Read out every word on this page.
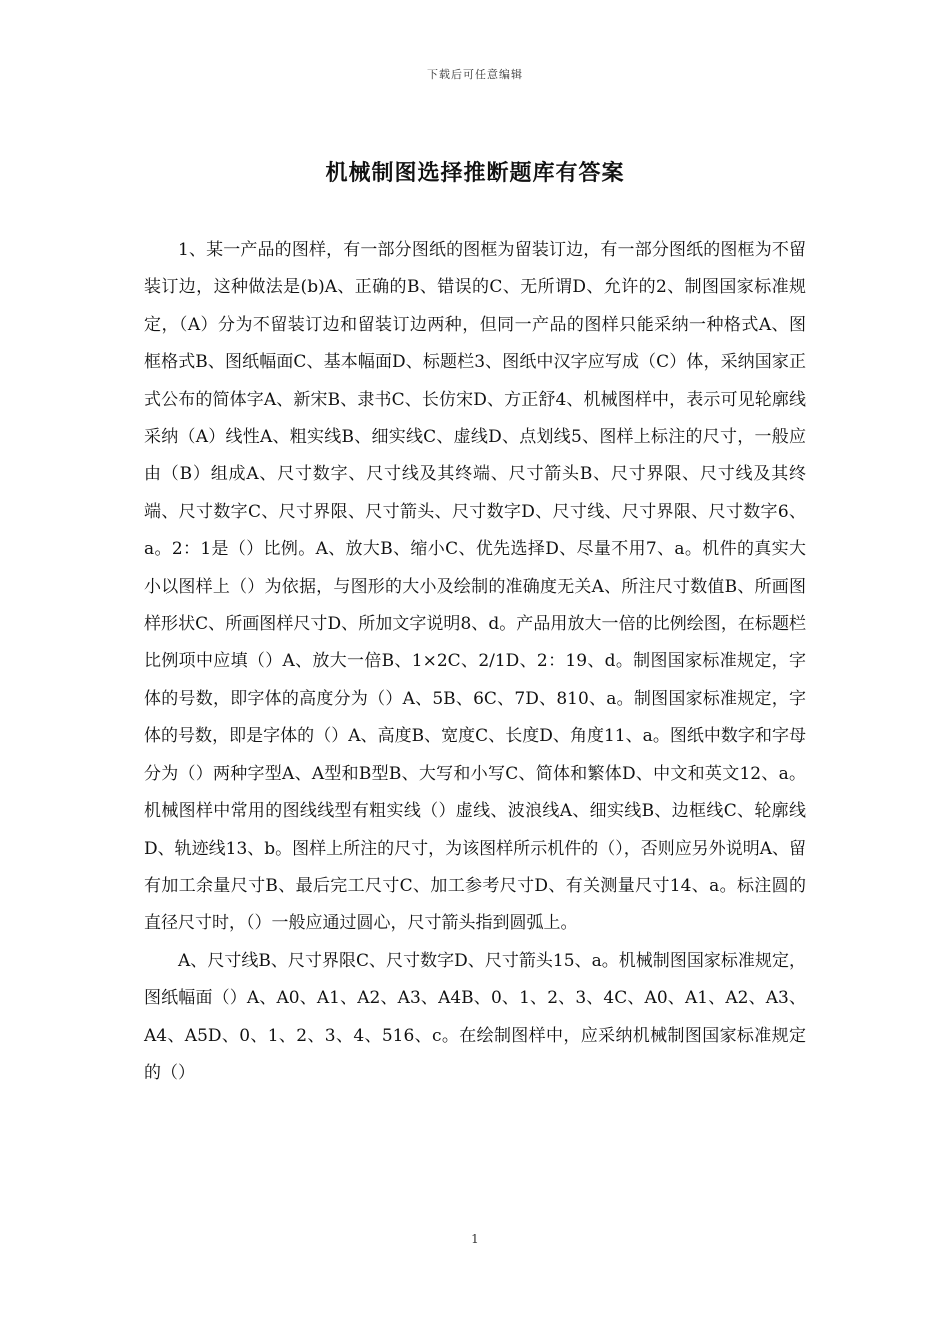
下载后可任意编辑
机械制图选择推断题库有答案

1、某一产品的图样，有一部分图纸的图框为留装订边，有一部分图纸的图框为不留装订边，这种做法是(b)A、正确的B、错误的C、无所谓D、允许的2、制图国家标准规定，（A）分为不留装订边和留装订边两种，但同一产品的图样只能采纳一种格式A、图框格式B、图纸幅面C、基本幅面D、标题栏3、图纸中汉字应写成（C）体，采纳国家正式公布的简体字A、新宋B、隶书C、长仿宋D、方正舒4、机械图样中，表示可见轮廓线采纳（A）线性A、粗实线B、细实线C、虚线D、点划线5、图样上标注的尺寸，一般应由（B）组成A、尺寸数字、尺寸线及其终端、尺寸箭头B、尺寸界限、尺寸线及其终端、尺寸数字C、尺寸界限、尺寸箭头、尺寸数字D、尺寸线、尺寸界限、尺寸数字6、a。2：1是（）比例。A、放大B、缩小C、优先选择D、尽量不用7、a。机件的真实大小以图样上（）为依据，与图形的大小及绘制的准确度无关A、所注尺寸数值B、所画图样形状C、所画图样尺寸D、所加文字说明8、d。产品用放大一倍的比例绘图，在标题栏比例项中应填（）A、放大一倍B、1×2C、2/1D、2：19、d。制图国家标准规定，字体的号数，即字体的高度分为（）A、5B、6C、7D、810、a。制图国家标准规定，字体的号数，即是字体的（）A、高度B、宽度C、长度D、角度11、a。图纸中数字和字母分为（）两种字型A、A型和B型B、大写和小写C、简体和繁体D、中文和英文12、a。机械图样中常用的图线线型有粗实线（）虚线、波浪线A、细实线B、边框线C、轮廓线D、轨迹线13、b。图样上所注的尺寸，为该图样所示机件的（），否则应另外说明A、留有加工余量尺寸B、最后完工尺寸C、加工参考尺寸D、有关测量尺寸14、a。标注圆的直径尺寸时，（）一般应通过圆心，尺寸箭头指到圆弧上。

A、尺寸线B、尺寸界限C、尺寸数字D、尺寸箭头15、a。机械制图国家标准规定，图纸幅面（）A、A0、A1、A2、A3、A4B、0、1、2、3、4C、A0、A1、A2、A3、A4、A5D、0、1、2、3、4、516、c。在绘制图样中，应采纳机械制图国家标准规定的（）

1
